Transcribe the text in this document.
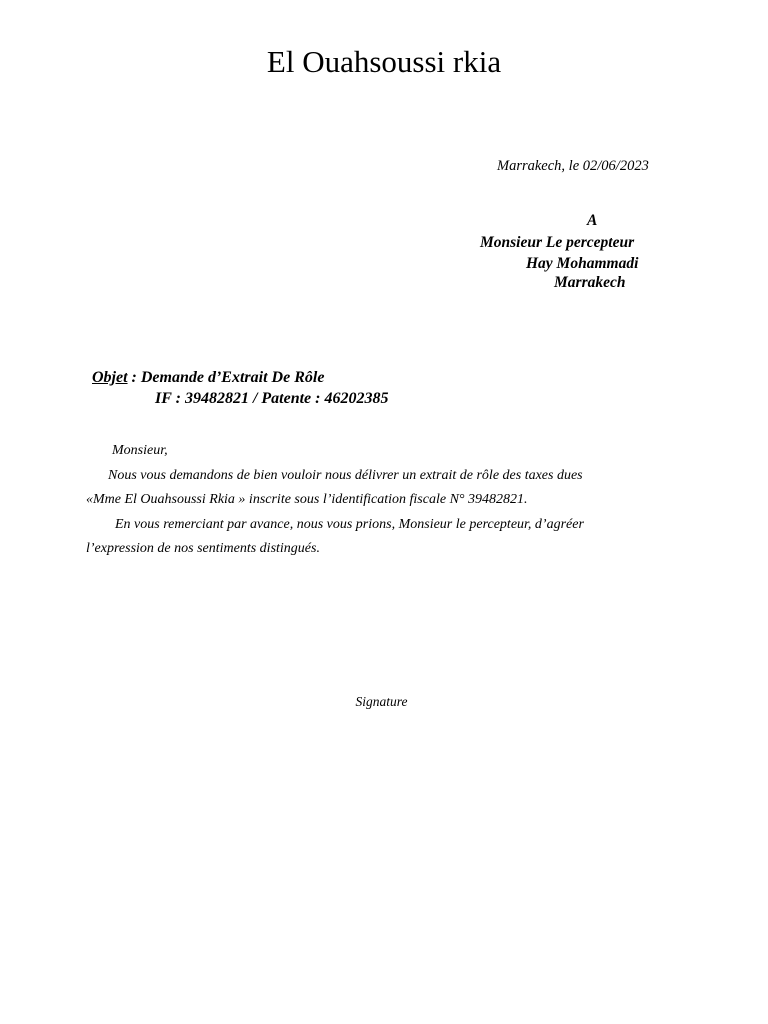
El Ouahsoussi rkia
Marrakech, le 02/06/2023
A
Monsieur Le percepteur
Hay Mohammadi
Marrakech
Objet : Demande d’Extrait De Rôle
IF : 39482821 / Patente : 46202385
Monsieur,
Nous vous demandons de bien vouloir nous délivrer un extrait de rôle des taxes dues
«Mme El Ouahsoussi Rkia » inscrite sous l’identification fiscale N° 39482821.
En vous remerciant par avance, nous vous prions, Monsieur le percepteur, d’agréer
l’expression de nos sentiments distingués.
Signature
